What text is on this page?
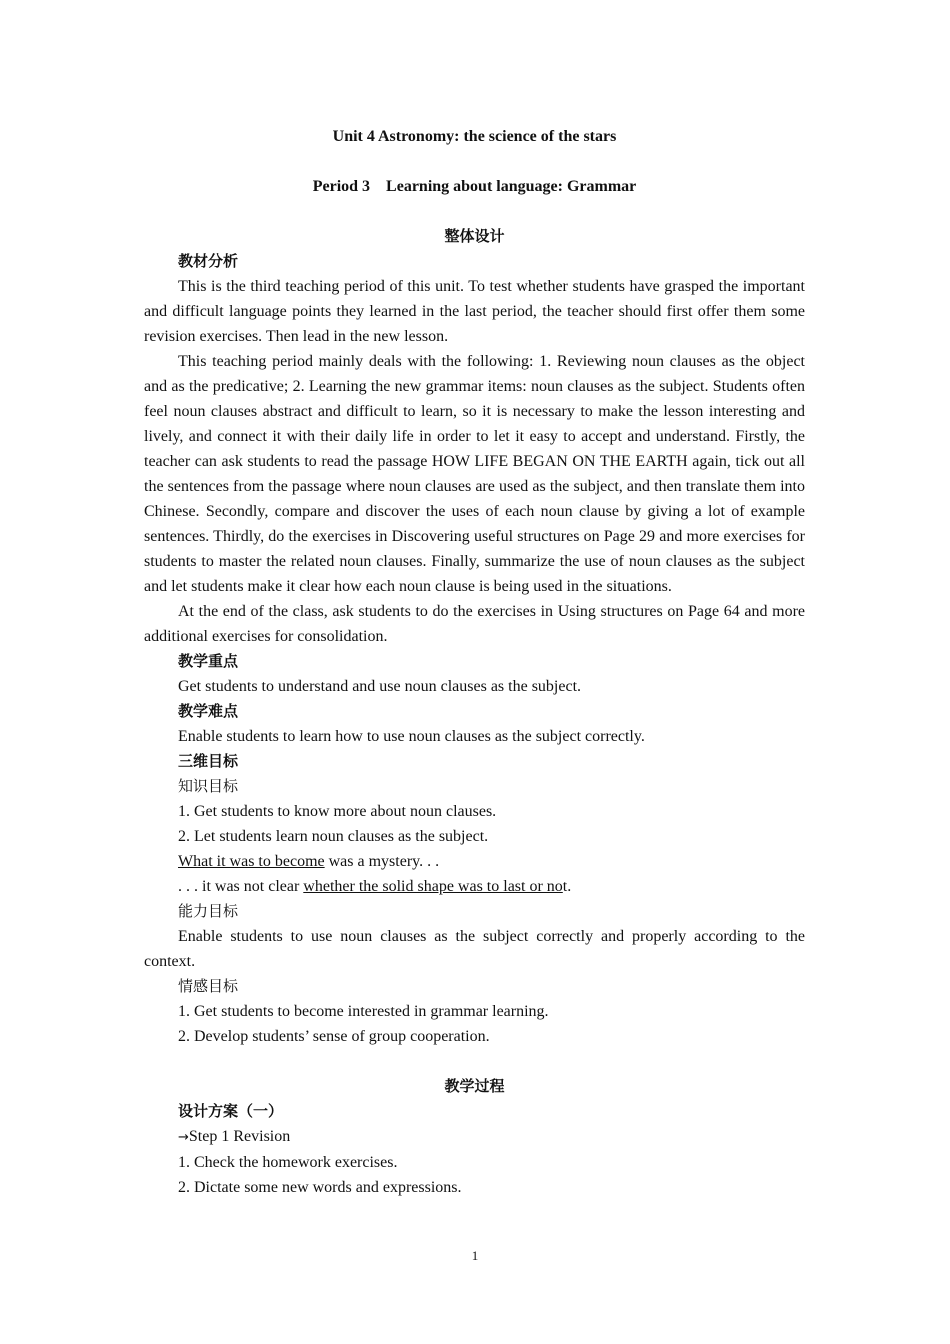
Unit 4 Astronomy: the science of the stars
Period 3 Learning about language: Grammar
整体设计
教材分析

This is the third teaching period of this unit. To test whether students have grasped the important and difficult language points they learned in the last period, the teacher should first offer them some revision exercises. Then lead in the new lesson.

This teaching period mainly deals with the following: 1. Reviewing noun clauses as the object and as the predicative; 2. Learning the new grammar items: noun clauses as the subject. Students often feel noun clauses abstract and difficult to learn, so it is necessary to make the lesson interesting and lively, and connect it with their daily life in order to let it easy to accept and understand. Firstly, the teacher can ask students to read the passage HOW LIFE BEGAN ON THE EARTH again, tick out all the sentences from the passage where noun clauses are used as the subject, and then translate them into Chinese. Secondly, compare and discover the uses of each noun clause by giving a lot of example sentences. Thirdly, do the exercises in Discovering useful structures on Page 29 and more exercises for students to master the related noun clauses. Finally, summarize the use of noun clauses as the subject and let students make it clear how each noun clause is being used in the situations.

At the end of the class, ask students to do the exercises in Using structures on Page 64 and more additional exercises for consolidation.

教学重点
Get students to understand and use noun clauses as the subject.
教学难点
Enable students to learn how to use noun clauses as the subject correctly.
三维目标
知识目标
1. Get students to know more about noun clauses.
2. Let students learn noun clauses as the subject.
What it was to become was a mystery. . .
. . . it was not clear whether the solid shape was to last or not.
能力目标

Enable students to use noun clauses as the subject correctly and properly according to the context.

情感目标
1. Get students to become interested in grammar learning.
2. Develop students’ sense of group cooperation.
教学过程
设计方案（一）
→Step 1 Revision
1. Check the homework exercises.
2. Dictate some new words and expressions.
1
